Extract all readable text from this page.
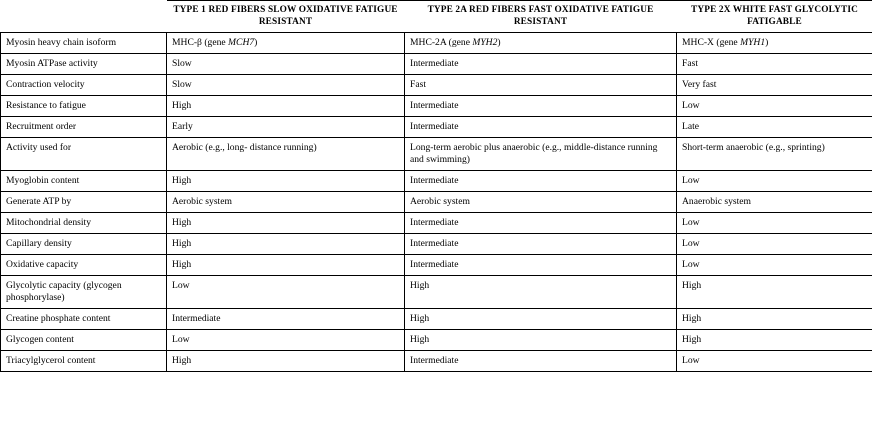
	TYPE 1 RED FIBERS SLOW OXIDATIVE FATIGUE RESISTANT	TYPE 2A RED FIBERS FAST OXIDATIVE FATIGUE RESISTANT	TYPE 2X WHITE FAST GLYCOLYTIC FATIGABLE
Myosin heavy chain isoform	MHC-β (gene MCH7)	MHC-2A (gene MYH2)	MHC-X (gene MYH1)
Myosin ATPase activity	Slow	Intermediate	Fast
Contraction velocity	Slow	Fast	Very fast
Resistance to fatigue	High	Intermediate	Low
Recruitment order	Early	Intermediate	Late
Activity used for	Aerobic (e.g., long- distance running)	Long-term aerobic plus anaerobic (e.g., middle-distance running and swimming)	Short-term anaerobic (e.g., sprinting)
Myoglobin content	High	Intermediate	Low
Generate ATP by	Aerobic system	Aerobic system	Anaerobic system
Mitochondrial density	High	Intermediate	Low
Capillary density	High	Intermediate	Low
Oxidative capacity	High	Intermediate	Low
Glycolytic capacity (glycogen phosphorylase)	Low	High	High
Creatine phosphate content	Intermediate	High	High
Glycogen content	Low	High	High
Triacylglycerol content	High	Intermediate	Low
